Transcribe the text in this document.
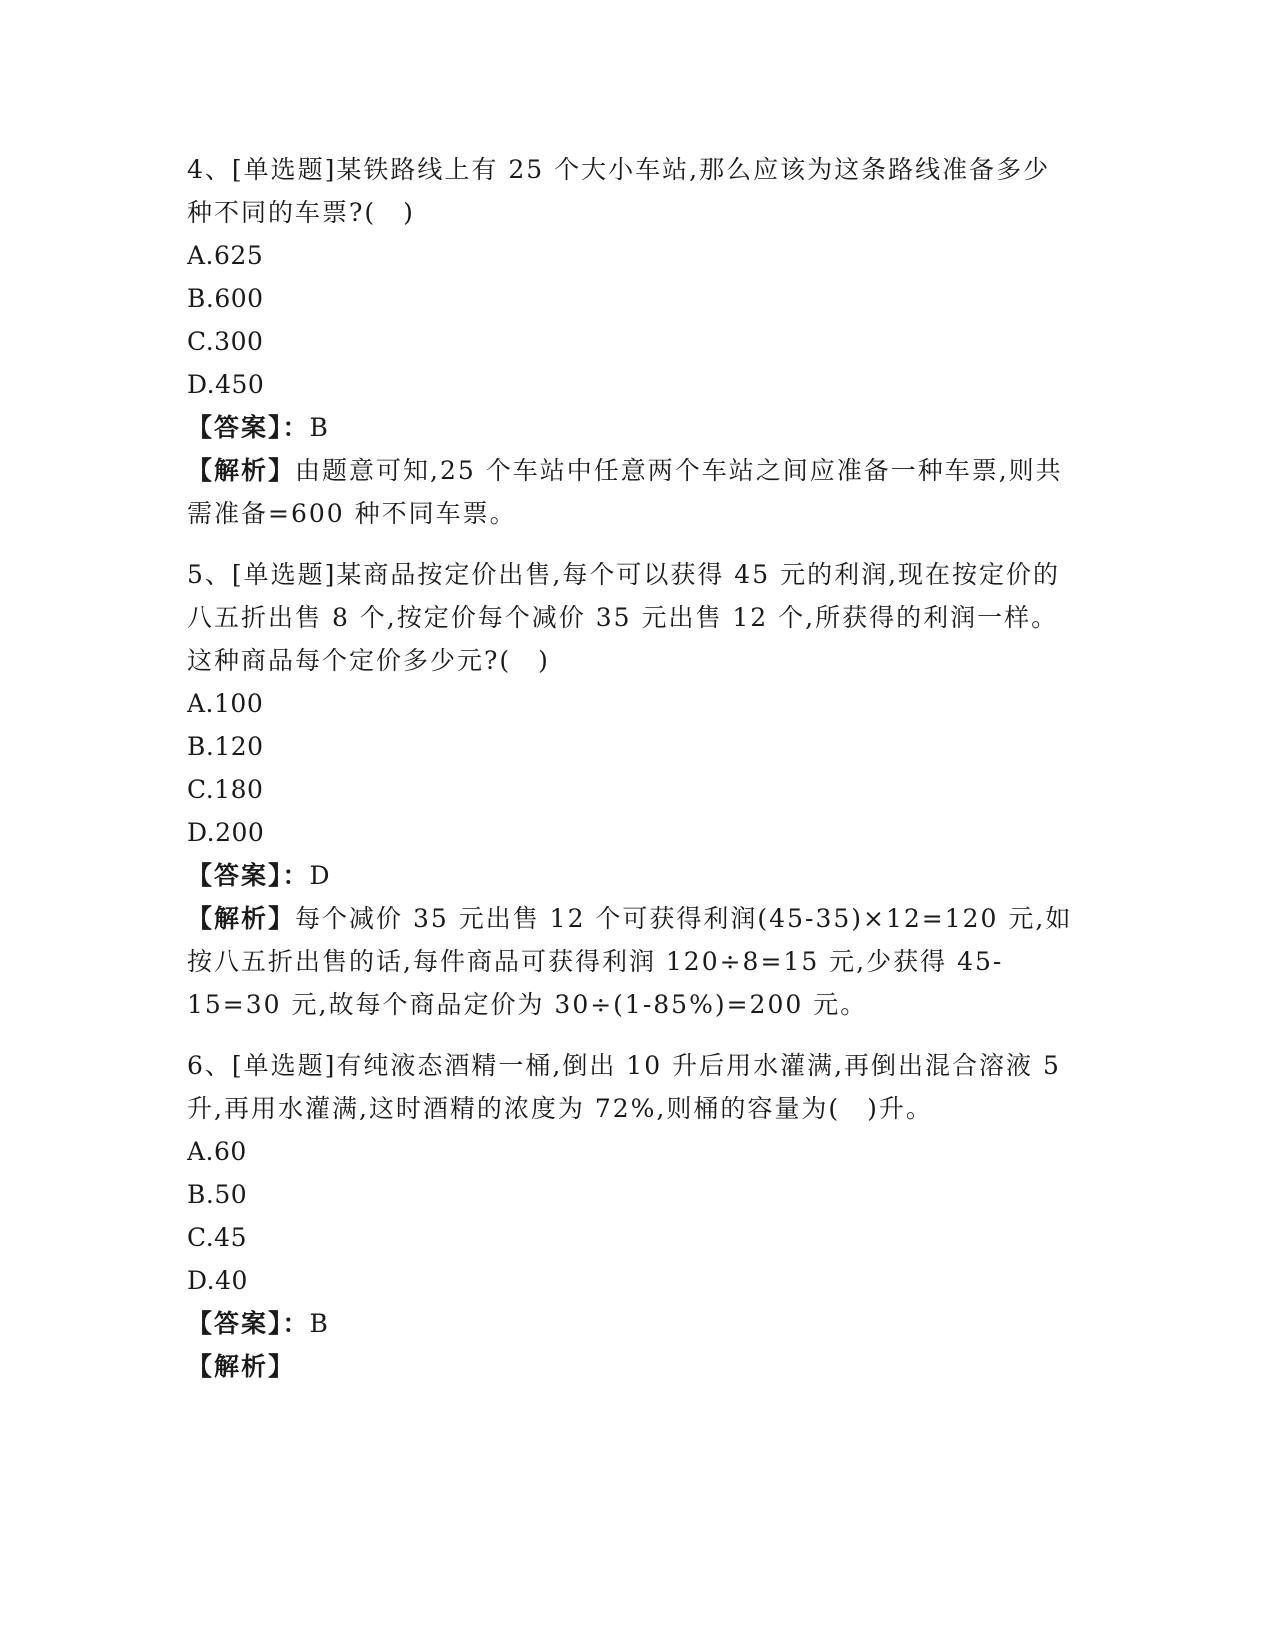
4、[单选题]某铁路线上有 25 个大小车站,那么应该为这条路线准备多少种不同的车票?(　)
A.625
B.600
C.300
D.450
【答案】：B
【解析】由题意可知,25 个车站中任意两个车站之间应准备一种车票,则共需准备=600 种不同车票。
5、[单选题]某商品按定价出售,每个可以获得 45 元的利润,现在按定价的八五折出售 8 个,按定价每个减价 35 元出售 12 个,所获得的利润一样。这种商品每个定价多少元?(　)
A.100
B.120
C.180
D.200
【答案】：D
【解析】每个减价 35 元出售 12 个可获得利润(45-35)×12=120 元,如按八五折出售的话,每件商品可获得利润 120÷8=15 元,少获得 45-15=30 元,故每个商品定价为 30÷(1-85%)=200 元。
6、[单选题]有纯液态酒精一桶,倒出 10 升后用水灌满,再倒出混合溶液 5 升,再用水灌满,这时酒精的浓度为 72%,则桶的容量为(　)升。
A.60
B.50
C.45
D.40
【答案】：B
【解析】
